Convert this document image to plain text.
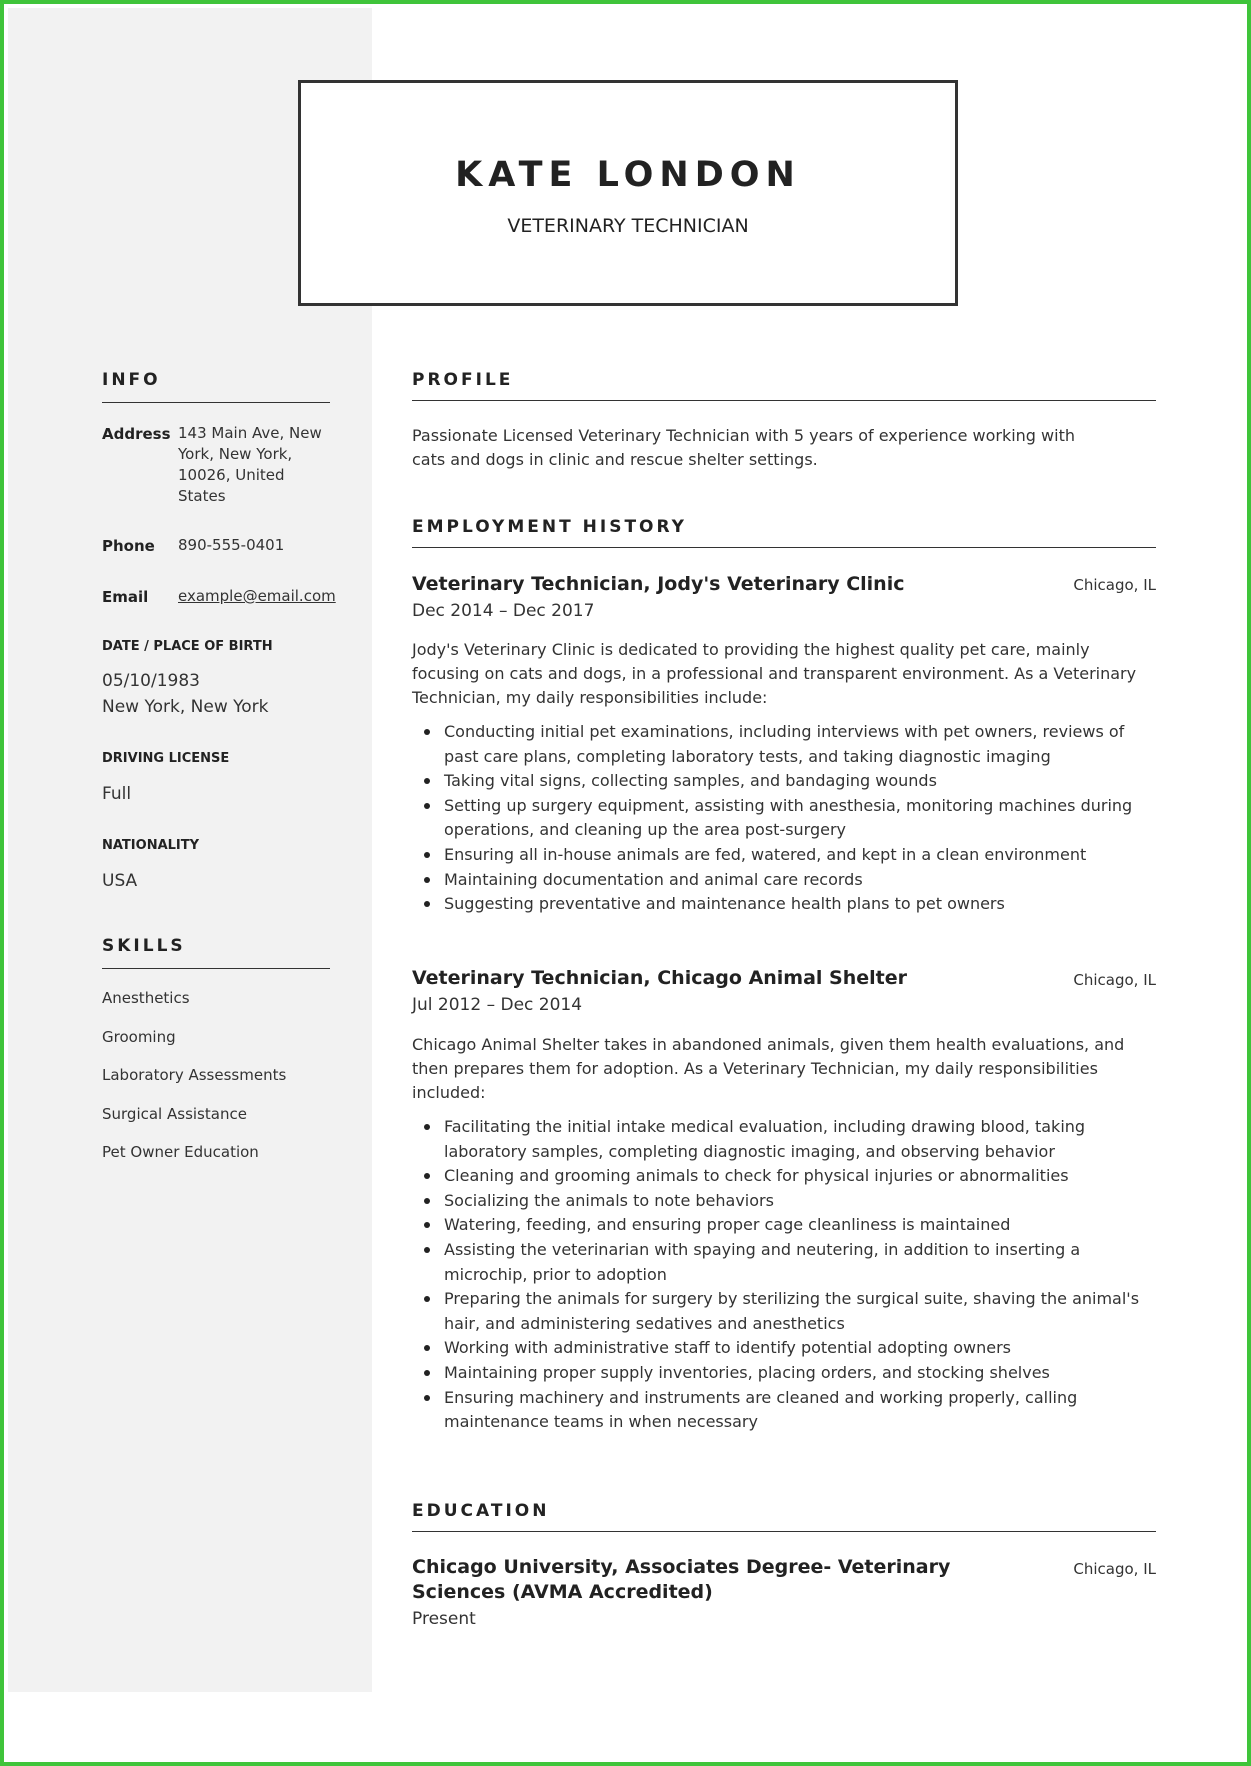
KATE LONDON
VETERINARY TECHNICIAN
INFO
Address 143 Main Ave, New
York, New York,
10026, United
States
Phone 890-555-0401
Email example@email.com
DATE / PLACE OF BIRTH
05/10/1983
New York, New York
DRIVING LICENSE
Full
NATIONALITY
USA
SKILLS
Anesthetics
Grooming
Laboratory Assessments
Surgical Assistance
Pet Owner Education
PROFILE
Passionate Licensed Veterinary Technician with 5 years of experience working with
cats and dogs in clinic and rescue shelter settings.
EMPLOYMENT HISTORY
Veterinary Technician, Jody's Veterinary Clinic	Chicago, IL
Dec 2014 – Dec 2017
Jody's Veterinary Clinic is dedicated to providing the highest quality pet care, mainly
focusing on cats and dogs, in a professional and transparent environment. As a Veterinary
Technician, my daily responsibilities include:
Conducting initial pet examinations, including interviews with pet owners, reviews of
past care plans, completing laboratory tests, and taking diagnostic imaging
Taking vital signs, collecting samples, and bandaging wounds
Setting up surgery equipment, assisting with anesthesia, monitoring machines during
operations, and cleaning up the area post-surgery
Ensuring all in-house animals are fed, watered, and kept in a clean environment
Maintaining documentation and animal care records
Suggesting preventative and maintenance health plans to pet owners
Veterinary Technician, Chicago Animal Shelter	Chicago, IL
Jul 2012 – Dec 2014
Chicago Animal Shelter takes in abandoned animals, given them health evaluations, and
then prepares them for adoption. As a Veterinary Technician, my daily responsibilities
included:
Facilitating the initial intake medical evaluation, including drawing blood, taking
laboratory samples, completing diagnostic imaging, and observing behavior
Cleaning and grooming animals to check for physical injuries or abnormalities
Socializing the animals to note behaviors
Watering, feeding, and ensuring proper cage cleanliness is maintained
Assisting the veterinarian with spaying and neutering, in addition to inserting a
microchip, prior to adoption
Preparing the animals for surgery by sterilizing the surgical suite, shaving the animal's
hair, and administering sedatives and anesthetics
Working with administrative staff to identify potential adopting owners
Maintaining proper supply inventories, placing orders, and stocking shelves
Ensuring machinery and instruments are cleaned and working properly, calling
maintenance teams in when necessary
EDUCATION
Chicago University, Associates Degree- Veterinary
Sciences (AVMA Accredited)
Chicago, IL
Present
